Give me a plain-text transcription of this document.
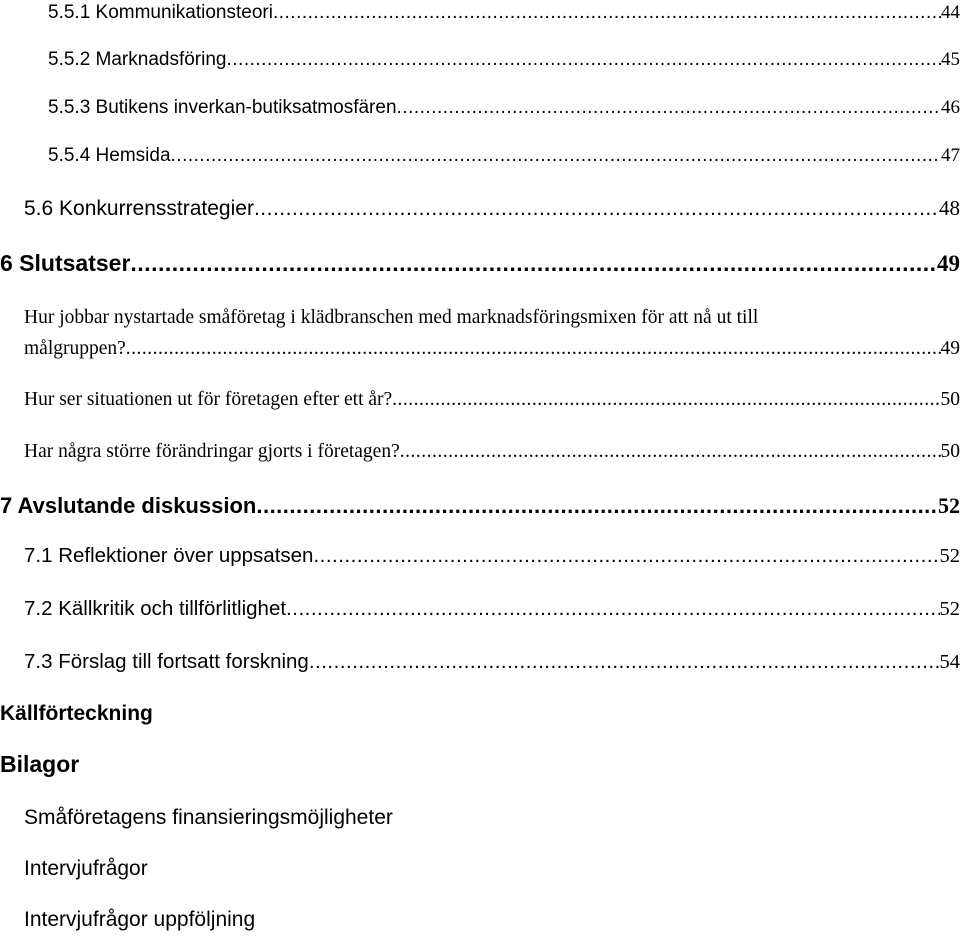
5.5.1 Kommunikationsteori .....	44
5.5.2 Marknadsföring .....	45
5.5.3 Butikens inverkan-butiksatmosfären .....	46
5.5.4 Hemsida .....	47
5.6 Konkurrensstrategier .....	48
6 Slutsatser .....	49
Hur jobbar nystartade småföretag i klädbranschen med marknadsföringsmixen för att nå ut till
målgruppen? .....	49
Hur ser situationen ut för företagen efter ett år? .....	50
Har några större förändringar gjorts i företagen? .....	50
7 Avslutande diskussion .....	52
7.1 Reflektioner över uppsatsen .....	52
7.2 Källkritik och tillförlitlighet .....	52
7.3 Förslag till fortsatt forskning .....	54
Källförteckning
Bilagor
Småföretagens finansieringsmöjligheter
Intervjufrågor
Intervjufrågor uppföljning
